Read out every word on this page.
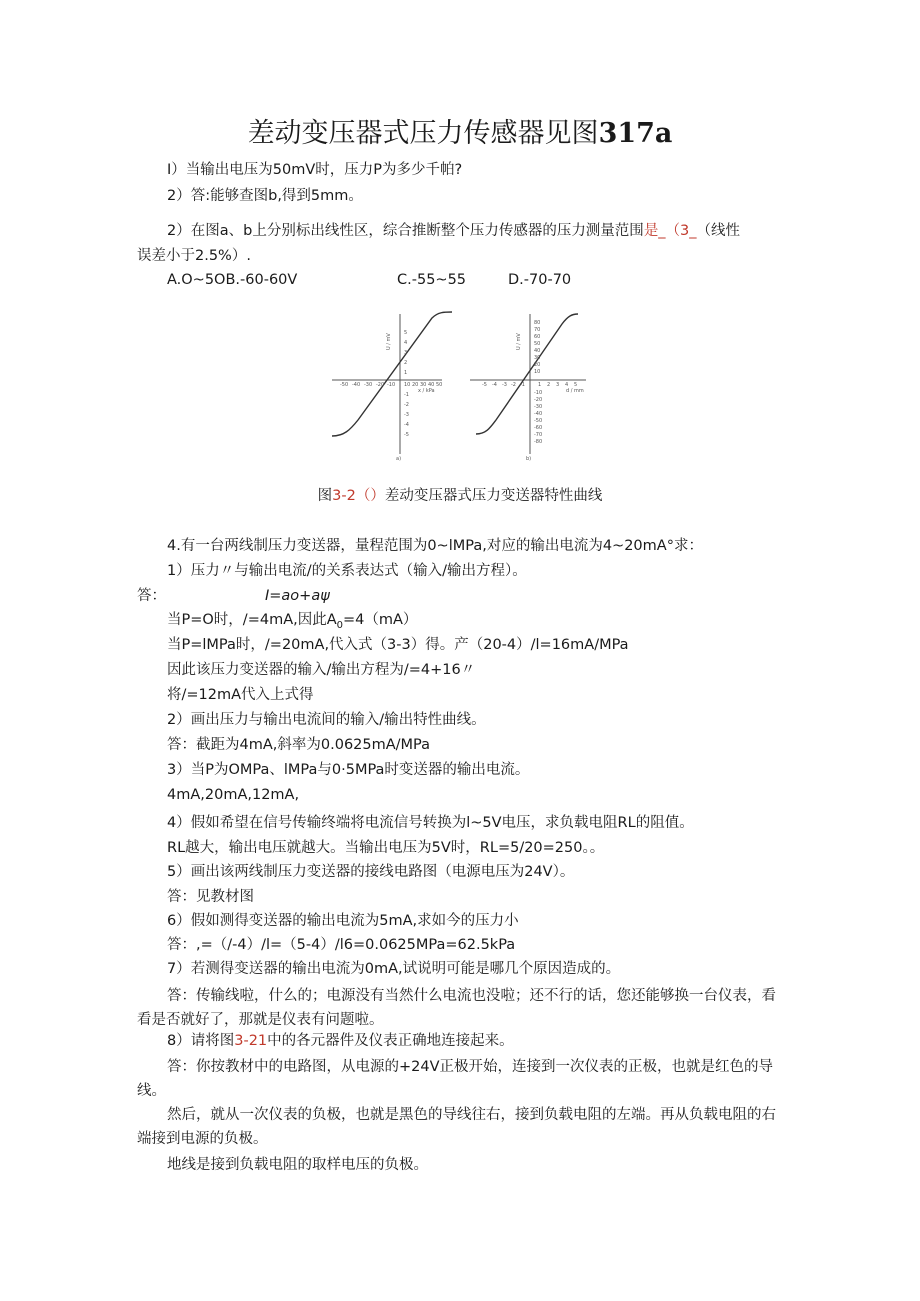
差动变压器式压力传感器见图317a
I）当输出电压为50mV时，压力P为多少千帕?
2）答:能够查图b,得到5mm。
2）在图a、b上分别标出线性区，综合推断整个压力传感器的压力测量范围是_（3_（线性
误差小于2.5%）.
A.O~5OB.-60-60V	C.-55~55	D.-70-70
-50 -40 -30 -20 -10 10 20 30 40 50
5
4
3
2
1
-1
-2
-3
-4
-5
U / mV
x / kPa
a)
-5 -4 -3 -2 -1	1 2 3 4 5
80
70
60
50
40
30
20
10
-10
-20
-30
-40
-50
-60
-70
-80
U / mV
d / mm
b)
图3-2（）差动变压器式压力变送器特性曲线
4.有一台两线制压力变送器，量程范围为0~lMPa,对应的输出电流为4~20mA°求：
1）压力〃与输出电流/的关系表达式（输入/输出方程）。
答：	I=ao+aψ
当P=O时，/=4mA,因此$A_0=4(mA)$
当P=lMPa时，/=20mA,代入式（3-3）得。产（20-4）/l=16mA/MPa
因此该压力变送器的输入/输出方程为/=4+16〃
将/=12mA代入上式得
2）画出压力与输出电流间的输入/输出特性曲线。
答：截距为4mA,斜率为0.0625mA/MPa
3）当P为OMPa、lMPa与0·5MPa时变送器的输出电流。
4mA,20mA,12mA,
4）假如希望在信号传输终端将电流信号转换为l~5V电压，求负载电阻RL的阻值。
RL越大，输出电压就越大。当输出电压为5V时，RL=5/20=250。。
5）画出该两线制压力变送器的接线电路图（电源电压为24V）。
答：见教材图
6）假如测得变送器的输出电流为5mA,求如今的压力小
答：,=（/-4）/l=（5-4）/l6=0.0625MPa=62.5kPa
7）若测得变送器的输出电流为0mA,试说明可能是哪几个原因造成的。
答：传输线啦，什么的；电源没有当然什么电流也没啦；还不行的话，您还能够换一台仪表，看看是否就好了，那就是仪表有问题啦。
8）请将图3-21中的各元器件及仪表正确地连接起来。
答：你按教材中的电路图，从电源的+24V正极开始，连接到一次仪表的正极，也就是红色的导线。
然后，就从一次仪表的负极，也就是黑色的导线往右，接到负载电阻的左端。再从负载电阻的右端接到电源的负极。
地线是接到负载电阻的取样电压的负极。
